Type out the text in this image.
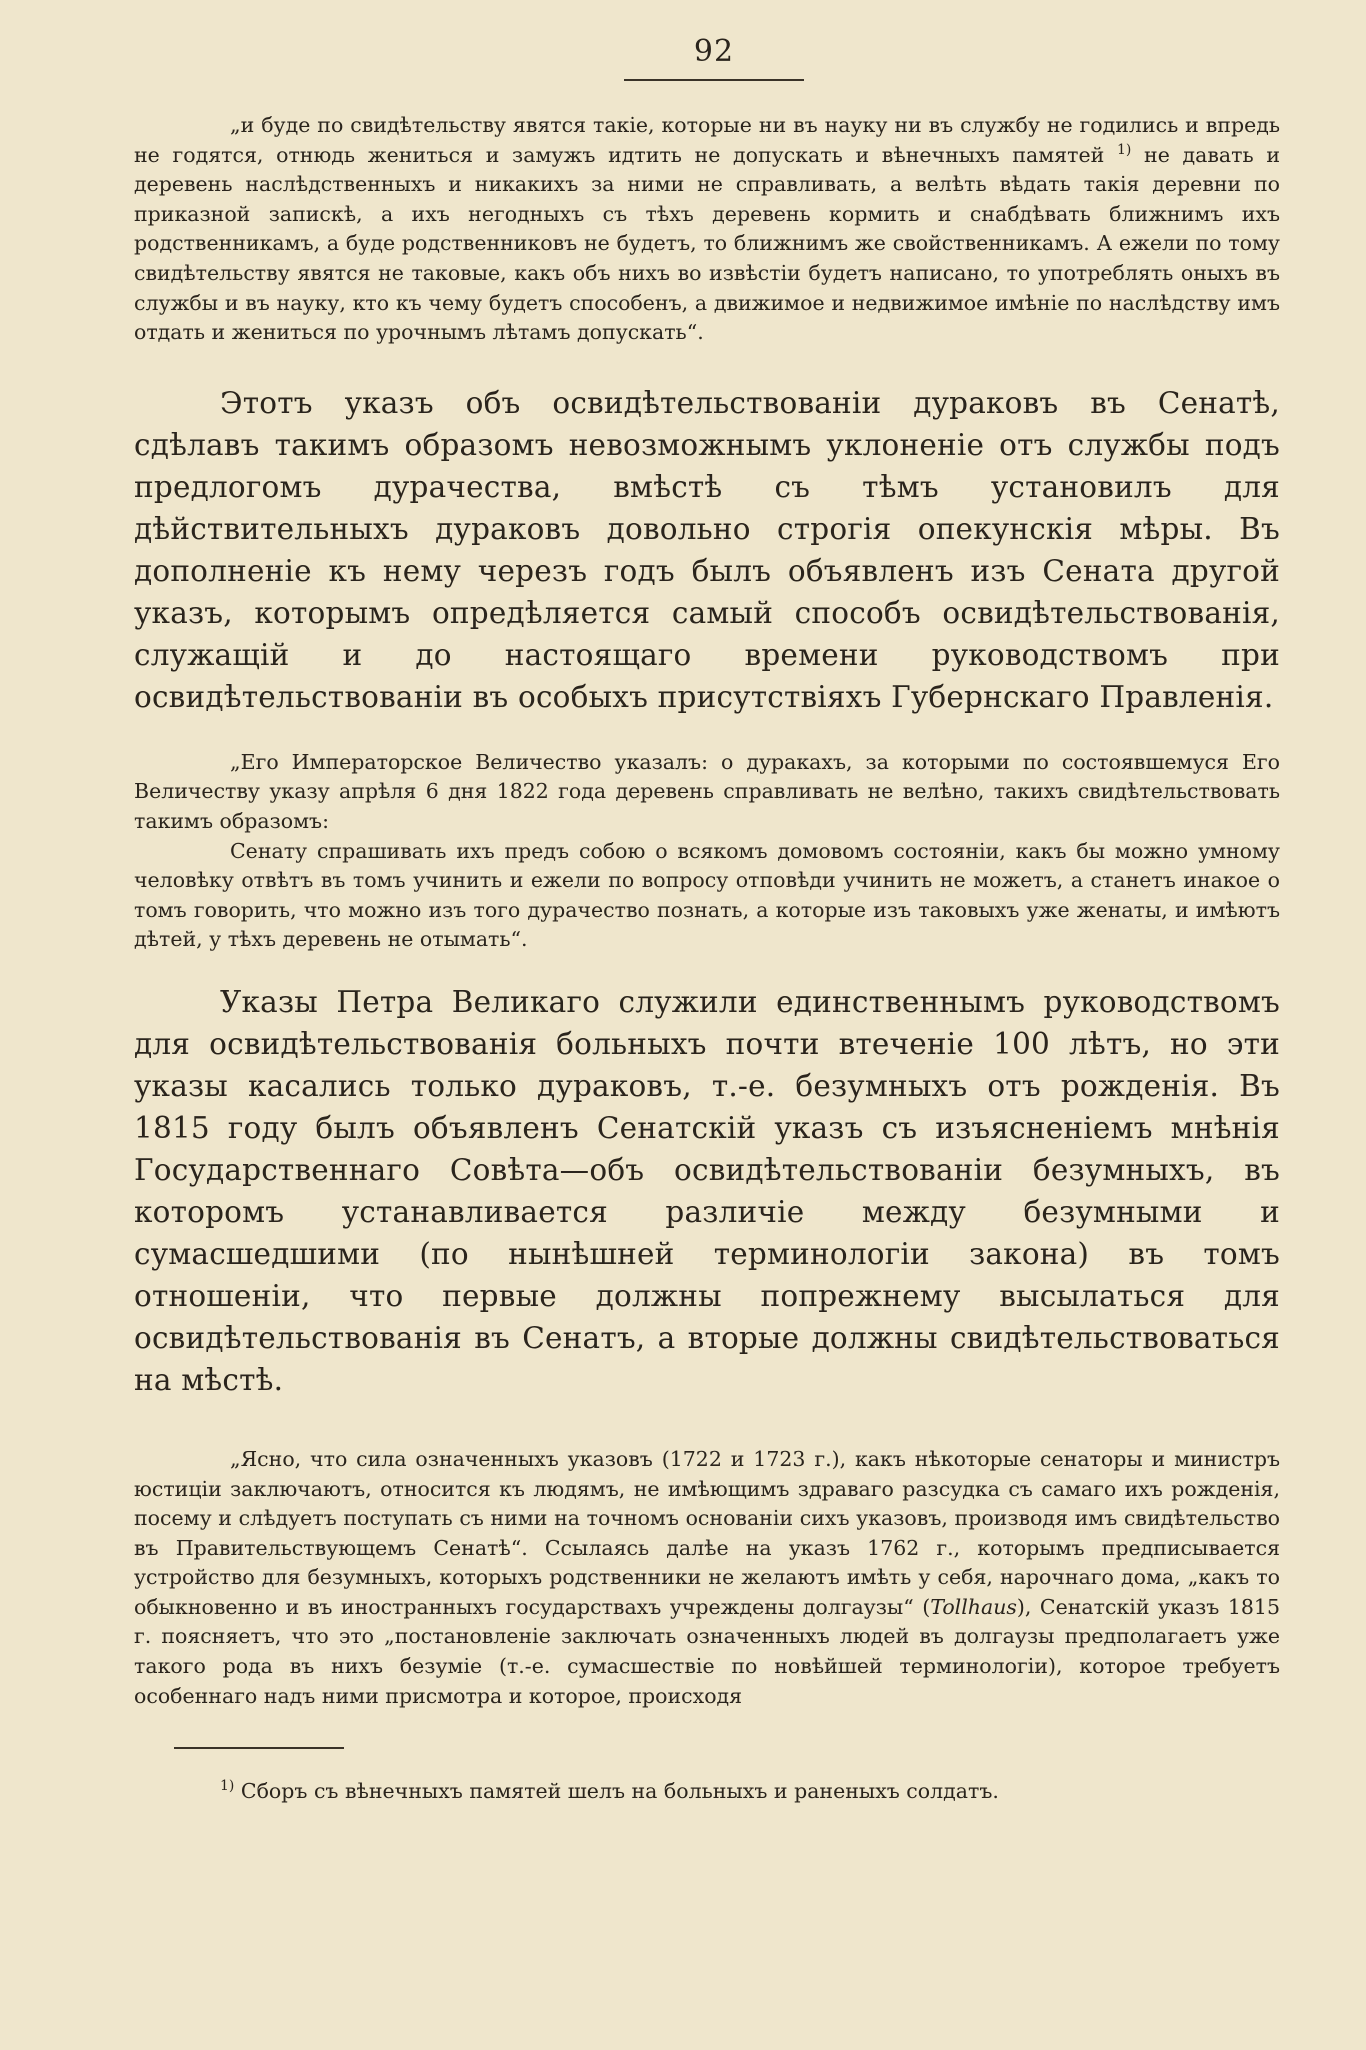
92

„и буде по свидѣтельству явятся такіе, которые ни въ науку ни въ службу не годились и впредь не годятся, отнюдь жениться и замужъ идтить не допускать и вѣнечныхъ памятей $^{1)}$ не давать и деревень наслѣдственныхъ и никакихъ за ними не справливать, а велѣть вѣдать такія деревни по приказной запискѣ, а ихъ негодныхъ съ тѣхъ деревень кормить и снабдѣвать ближнимъ ихъ родственникамъ, а буде родственниковъ не будетъ, то ближнимъ же свойственникамъ. А ежели по тому свидѣтельству явятся не таковые, какъ объ нихъ во извѣстіи будетъ написано, то употреблять оныхъ въ службы и въ науку, кто къ чему будетъ способенъ, а движимое и недвижимое имѣніе по наслѣдству имъ отдать и жениться по урочнымъ лѣтамъ допускать“.

Этотъ указъ объ освидѣтельствованіи дураковъ въ Сенатѣ, сдѣлавъ такимъ образомъ невозможнымъ уклоненіе отъ службы подъ предлогомъ дурачества, вмѣстѣ съ тѣмъ установилъ для дѣйствительныхъ дураковъ довольно строгія опекунскія мѣры. Въ дополненіе къ нему черезъ годъ былъ объявленъ изъ Сената другой указъ, которымъ опредѣляется самый способъ освидѣтельствованія, служащій и до настоящаго времени руководствомъ при освидѣтельствованіи въ особыхъ присутствіяхъ Губернскаго Правленія.

„Его Императорское Величество указалъ: о дуракахъ, за которыми по состоявшемуся Его Величеству указу апрѣля 6 дня 1822 года деревень справливать не велѣно, такихъ свидѣтельствовать такимъ образомъ:

Сенату спрашивать ихъ предъ собою о всякомъ домовомъ состояніи, какъ бы можно умному человѣку отвѣтъ въ томъ учинить и ежели по вопросу отповѣди учинить не можетъ, а станетъ инакое о томъ говорить, что можно изъ того дурачество познать, а которые изъ таковыхъ уже женаты, и имѣютъ дѣтей, у тѣхъ деревень не отымать“.

Указы Петра Великаго служили единственнымъ руководствомъ для освидѣтельствованія больныхъ почти втеченіе 100 лѣтъ, но эти указы касались только дураковъ, т.-е. безумныхъ отъ рожденія. Въ 1815 году былъ объявленъ Сенатскій указъ съ изъясненіемъ мнѣнія Государственнаго Совѣта—объ освидѣтельствованіи безумныхъ, въ которомъ устанавливается различіе между безумными и сумасшедшими (по нынѣшней терминологіи закона) въ томъ отношеніи, что первые должны попрежнему высылаться для освидѣтельствованія въ Сенатъ, а вторые должны свидѣтельствоваться на мѣстѣ.

„Ясно, что сила означенныхъ указовъ (1722 и 1723 г.), какъ нѣкоторые сенаторы и министръ юстиціи заключаютъ, относится къ людямъ, не имѣющимъ здраваго разсудка съ самаго ихъ рожденія, посему и слѣдуетъ поступать съ ними на точномъ основаніи сихъ указовъ, производя имъ свидѣтельство въ Правительствующемъ Сенатѣ“. Ссылаясь далѣе на указъ 1762 г., которымъ предписывается устройство для безумныхъ, которыхъ родственники не желаютъ имѣть у себя, нарочнаго дома, „какъ то обыкновенно и въ иностранныхъ государствахъ учреждены долгаузы“ (Tollhaus), Сенатскій указъ 1815 г. поясняетъ, что это „постановленіе заключать означенныхъ людей въ долгаузы предполагаетъ уже такого рода въ нихъ безуміе (т.-е. сумасшествіе по новѣйшей терминологіи), которое требуетъ особеннаго надъ ними присмотра и которое, происходя

$^{1)}$ Сборъ съ вѣнечныхъ памятей шелъ на больныхъ и раненыхъ солдатъ.
